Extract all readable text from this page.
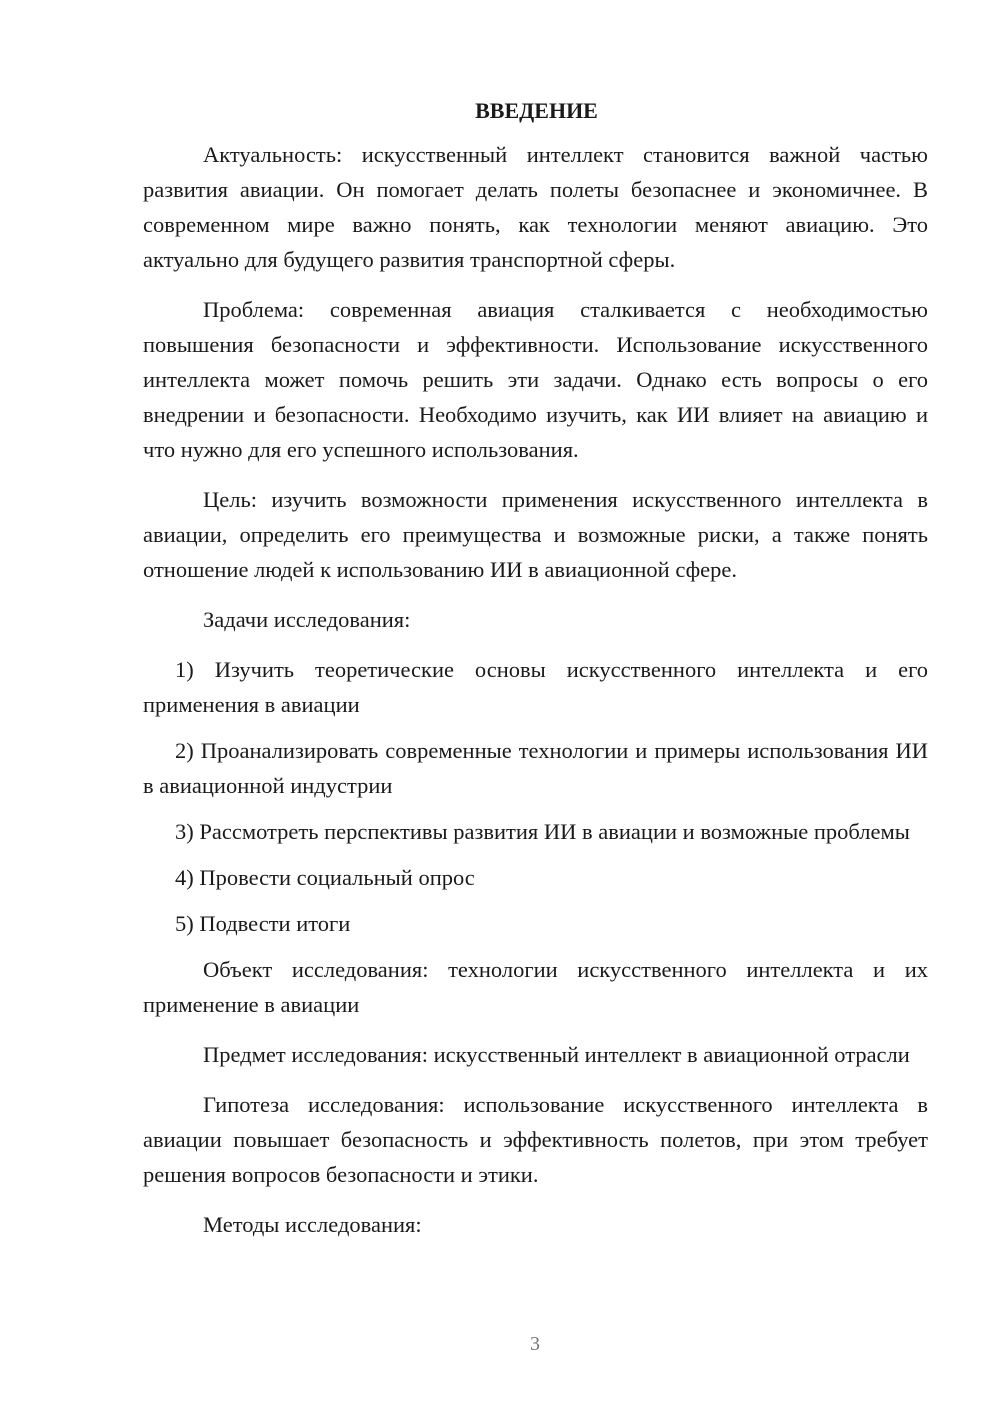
ВВЕДЕНИЕ

Актуальность: искусственный интеллект становится важной частью развития авиации. Он помогает делать полеты безопаснее и экономичнее. В современном мире важно понять, как технологии меняют авиацию. Это актуально для будущего развития транспортной сферы.

Проблема: современная авиация сталкивается с необходимостью повышения безопасности и эффективности. Использование искусственного интеллекта может помочь решить эти задачи. Однако есть вопросы о его внедрении и безопасности. Необходимо изучить, как ИИ влияет на авиацию и что нужно для его успешного использования.

Цель: изучить возможности применения искусственного интеллекта в авиации, определить его преимущества и возможные риски, а также понять отношение людей к использованию ИИ в авиационной сфере.

Задачи исследования:

1) Изучить теоретические основы искусственного интеллекта и его применения в авиации

2) Проанализировать современные технологии и примеры использования ИИ в авиационной индустрии

3) Рассмотреть перспективы развития ИИ в авиации и возможные проблемы

4) Провести социальный опрос

5) Подвести итоги

Объект исследования: технологии искусственного интеллекта и их применение в авиации

Предмет исследования: искусственный интеллект в авиационной отрасли

Гипотеза исследования: использование искусственного интеллекта в авиации повышает безопасность и эффективность полетов, при этом требует решения вопросов безопасности и этики.

Методы исследования:

3
